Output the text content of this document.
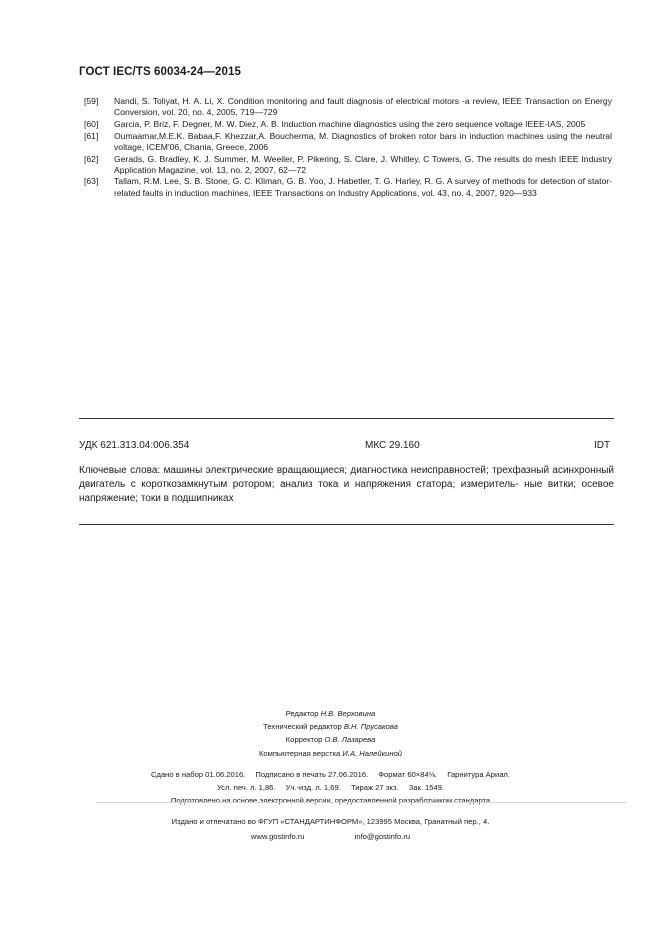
ГОСТ IEC/TS 60034-24—2015
[59]	Nandi, S. Toliyat, H. A. Li, X. Condition monitoring and fault diagnosis of electrical motors -a review, IEEE Transaction on Energy Conversion, vol. 20, no. 4, 2005, 719—729
[60]	Garcia, P. Briz, F. Degner, M. W. Diez, A. B. Induction machine diagnostics using the zero sequence voltage IEEE-IAS, 2005
[61]	Oumaamar,M.E.K. Babaa,F. Khezzar,A. Boucherma, M. Diagnostics of broken rotor bars in induction machines using the neutral voltage, ICEM'06, Chania, Greece, 2006
[62]	Gerads, G. Bradley, K. J. Summer, M. Weeiler, P. Pikering, S. Clare, J. Whitley, C Towers, G. The results do mesh IEEE Industry Application Magazine, vol. 13, no. 2, 2007, 62—72
[63]	Tallam, R.M. Lee, S. B. Stone, G. C. Kliman, G. B. Yoo, J. Habetler, T. G. Harley, R. G. A survey of methods for detection of stator-related faults in induction machines, IEEE Transactions on Industry Applications, vol. 43, no. 4, 2007, 920—933
УДК 621.313.04:006.354	МКС 29.160	IDT
Ключевые слова: машины электрические вращающиеся; диагностика неисправностей; трехфазный асинхронный двигатель с короткозамкнутым ротором; анализ тока и напряжения статора; измеритель- ные витки; осевое напряжение; токи в подшипниках
Редактор Н.В. Верховина
Технический редактор В.Н. Прусакова
Корректор О.В. Лазарева
Компьютерная верстка И.А. Налейкиной
Сдано в набор 01.06.2016. Подписано в печать 27.06.2016. Формат 60×84⅛. Гарнитура Ариал.
Усл. печ. л. 1,86. Уч.-изд. л. 1,69. Тираж 27 экз. Зак. 1549.
Подготовлено на основе электронной версии, предоставленной разработчиком стандарта
Издано и отпечатано во ФГУП «СТАНДАРТИНФОРМ», 123995 Москва, Гранатный пер., 4.
www.gostinfo.ru	info@gostinfo.ru
